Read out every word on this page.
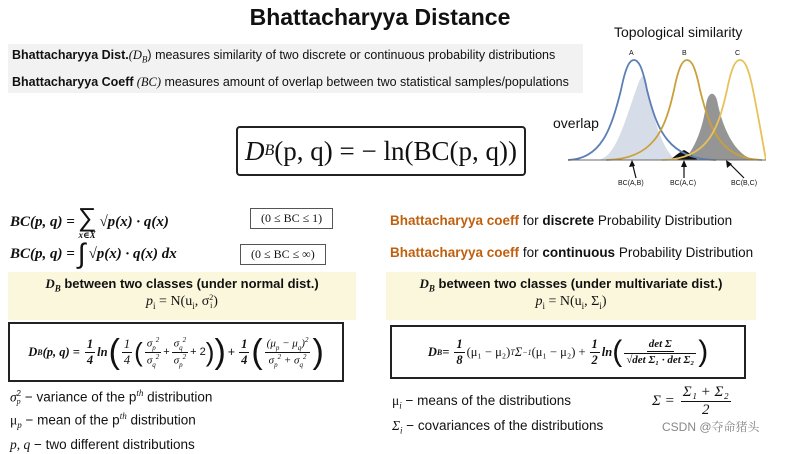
Bhattacharyya Distance
Bhattacharyya $Dist.(D_B)$ measures similarity of two discrete or continuous probability distributions
Bhattacharyya Coeff (BC) measures amount of overlap between two statistical samples/populations
Topological similarity
A	B	C
BC(A,B)	BC(A,C)	BC(B,C)
overlap
D B (p, q) = − ln(BC(p, q))
BC(p, q) = ∑
x∈X
√p(x) · q(x)	(0 ≤ BC ≤ 1)
BC(p, q) = ∫ √p(x) · q(x) dx	(0 ≤ BC ≤ ∞)
Bhattacharyya coeff for discrete Probability Distribution
Bhattacharyya coeff for continuous Probability Distribution
$D_B$ between two classes (under normal dist.)
$p_i = N(u_i$, σ 2
i )
$D_B$ between two classes (under multivariate dist.)
$p_i = N(u_i$, $\Sigma_i$)
D B (p, $q) = \frac{1}{4}$ ln ( $\frac{1}{4}$ ( $\frac{\sigma_p^2}{\sigma_q^2} + \frac{\sigma_q^2}{\sigma_p^2} + 2$ ) ) + $\frac{1}{4}$ ( $\frac{(\mu_p - \mu_q)^2}{\sigma_p^2 + \sigma_q^2}$ )	D $B = \frac{1}{8} (\mu_1 - \mu_2)$ T Σ −1 $(\mu_1 - \mu_2) + \frac{1}{2}$ ln ( $\frac{\text{det Σ}}{\text{√det Σ₁ · det Σ₂}}$ )
σ 2
p − variance of the $p^{th}$ distribution
$\mu_p$ − mean of the $p^{th}$ distribution
p, q − two different distributions
$\mu_i$ − means of the distributions
$\Sigma_i$ − covariances of the distributions
$\Sigma = \frac{\text{Σ₁ + Σ₂}}{2}$
CSDN @夺命猪头
